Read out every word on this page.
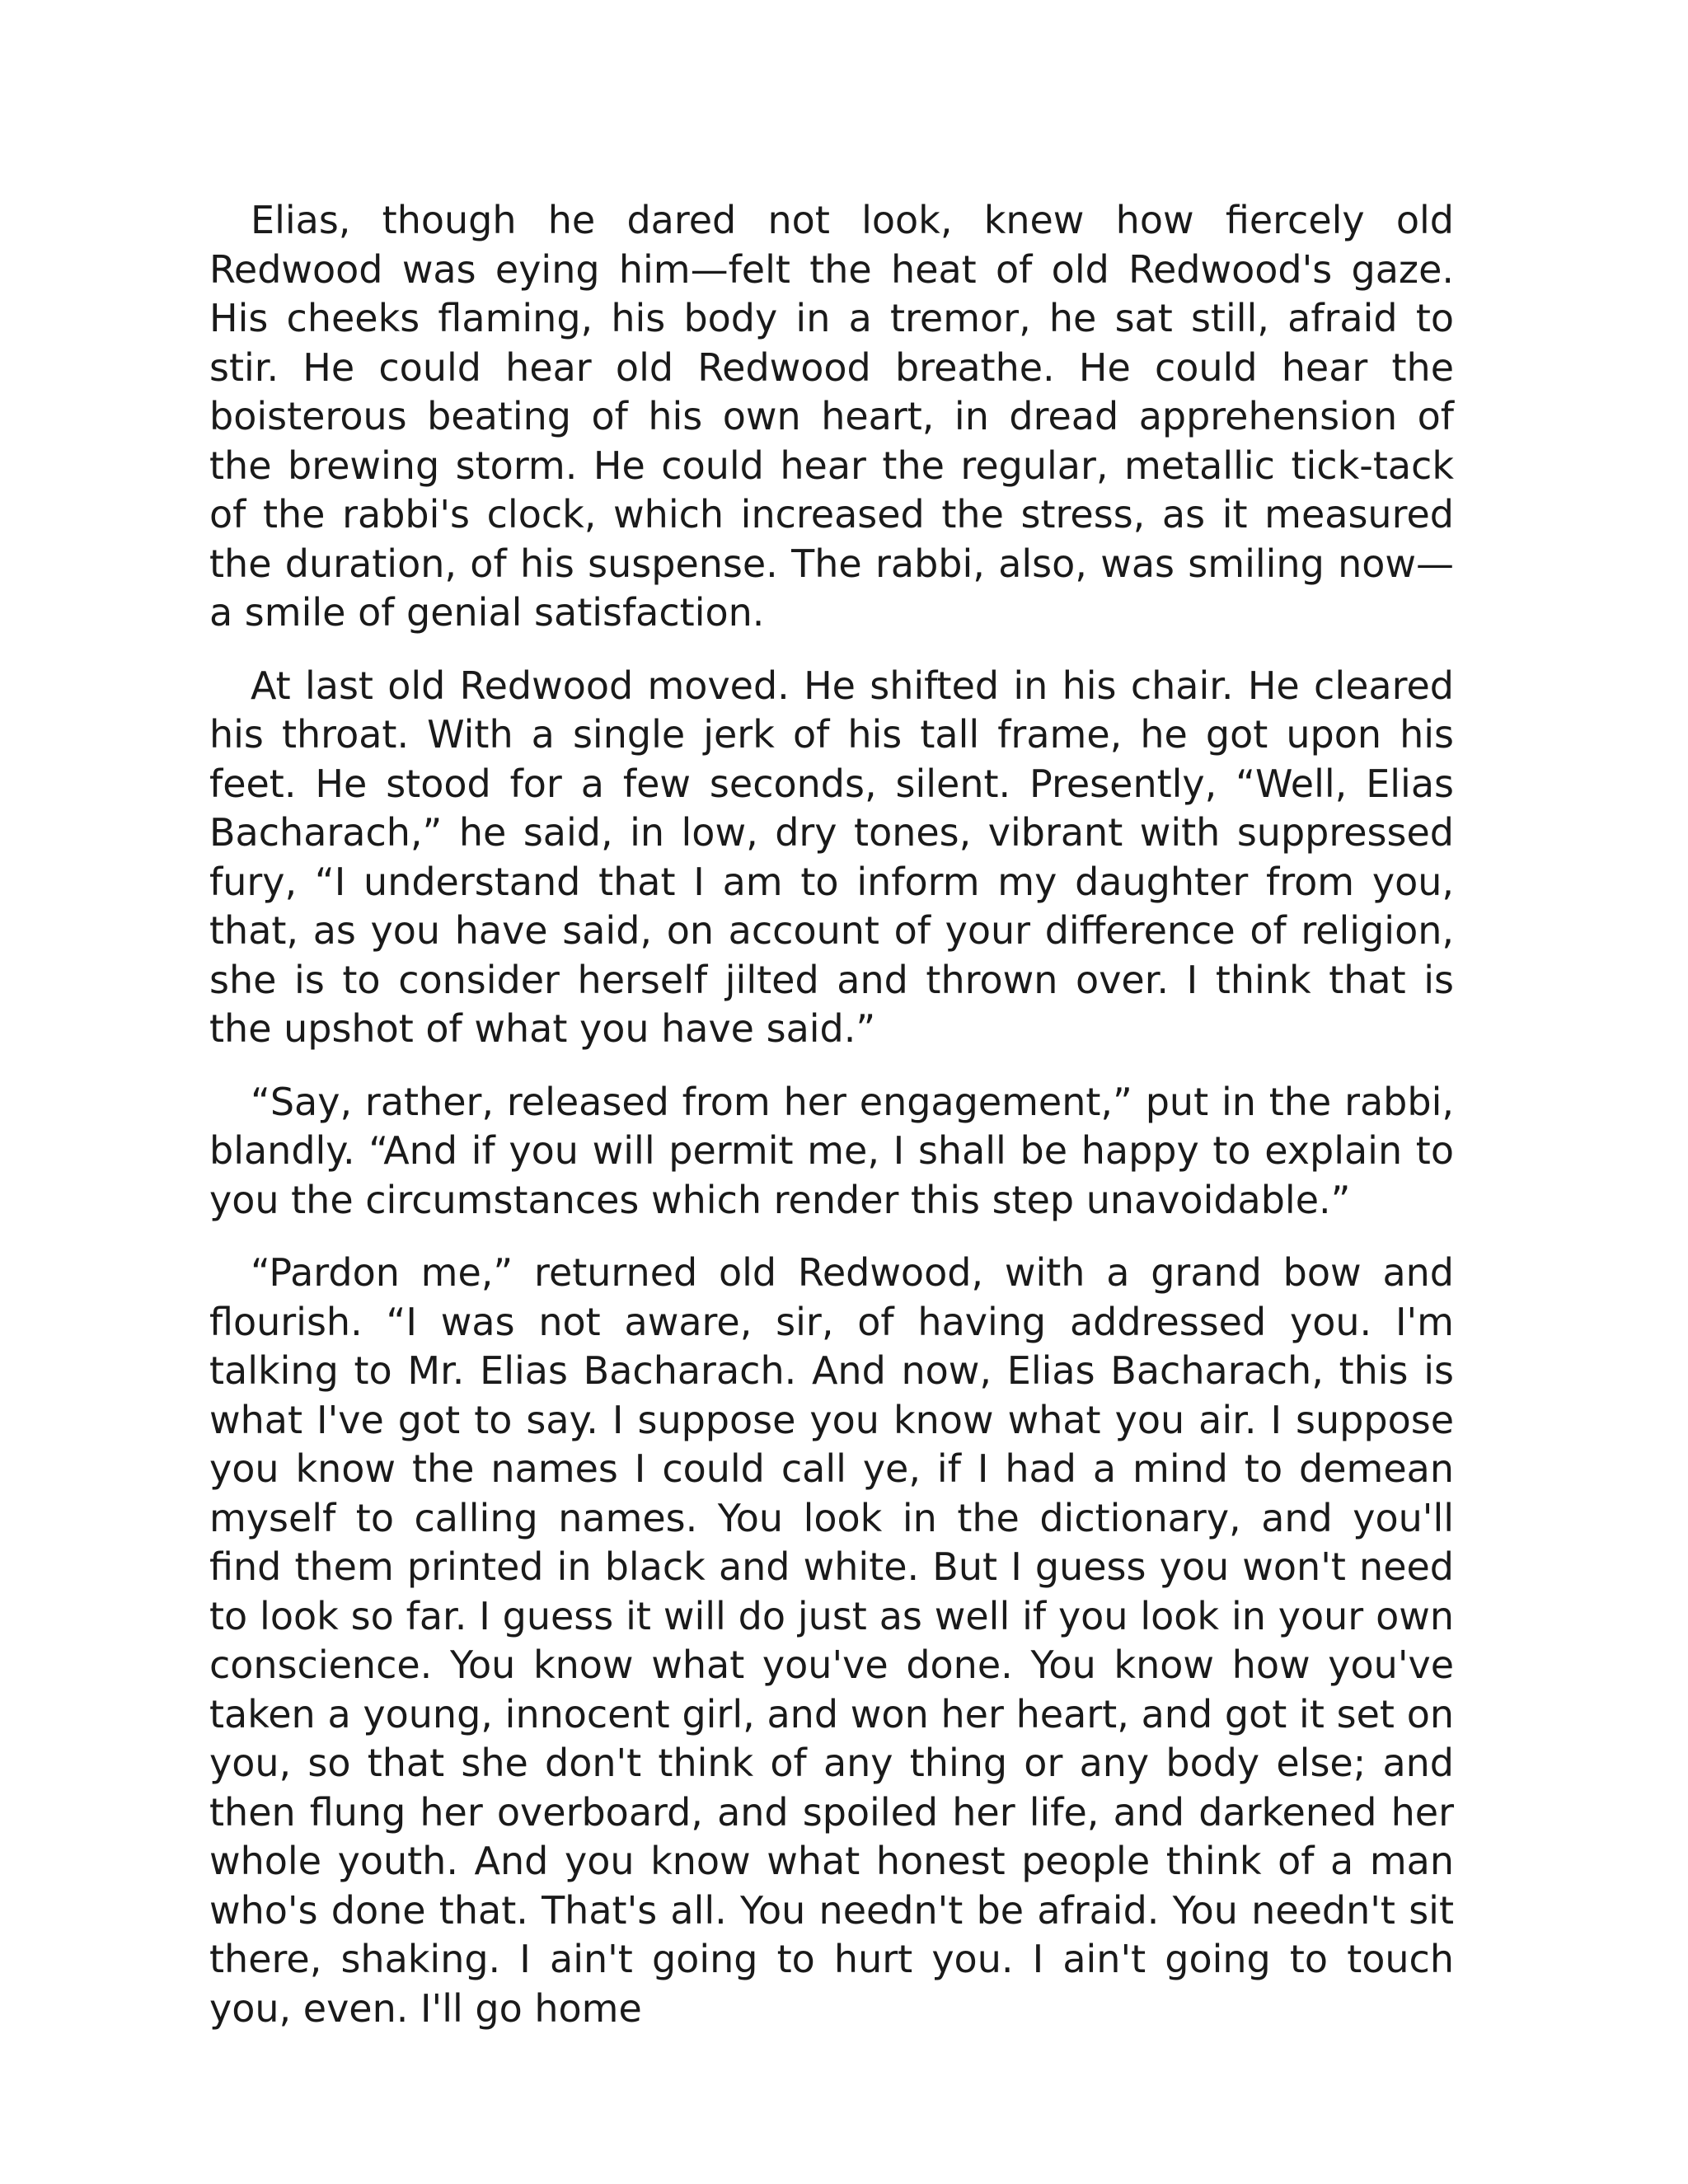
Elias, though he dared not look, knew how fiercely old Redwood was eying him—felt the heat of old Redwood's gaze. His cheeks flaming, his body in a tremor, he sat still, afraid to stir. He could hear old Redwood breathe. He could hear the boisterous beating of his own heart, in dread apprehension of the brewing storm. He could hear the regular, metallic tick-tack of the rabbi's clock, which increased the stress, as it measured the duration, of his suspense. The rabbi, also, was smiling now—a smile of genial satisfaction.

At last old Redwood moved. He shifted in his chair. He cleared his throat. With a single jerk of his tall frame, he got upon his feet. He stood for a few seconds, silent. Presently, “Well, Elias Bacharach,” he said, in low, dry tones, vibrant with suppressed fury, “I understand that I am to inform my daughter from you, that, as you have said, on account of your difference of religion, she is to consider herself jilted and thrown over. I think that is the upshot of what you have said.”

“Say, rather, released from her engagement,” put in the rabbi, blandly. “And if you will permit me, I shall be happy to explain to you the circumstances which render this step unavoidable.”

“Pardon me,” returned old Redwood, with a grand bow and flourish. “I was not aware, sir, of having addressed you. I'm talking to Mr. Elias Bacharach. And now, Elias Bacharach, this is what I've got to say. I suppose you know what you air. I suppose you know the names I could call ye, if I had a mind to demean myself to calling names. You look in the dictionary, and you'll find them printed in black and white. But I guess you won't need to look so far. I guess it will do just as well if you look in your own conscience. You know what you've done. You know how you've taken a young, innocent girl, and won her heart, and got it set on you, so that she don't think of any thing or any body else; and then flung her overboard, and spoiled her life, and darkened her whole youth. And you know what honest people think of a man who's done that. That's all. You needn't be afraid. You needn't sit there, shaking. I ain't going to hurt you. I ain't going to touch you, even. I'll go home
